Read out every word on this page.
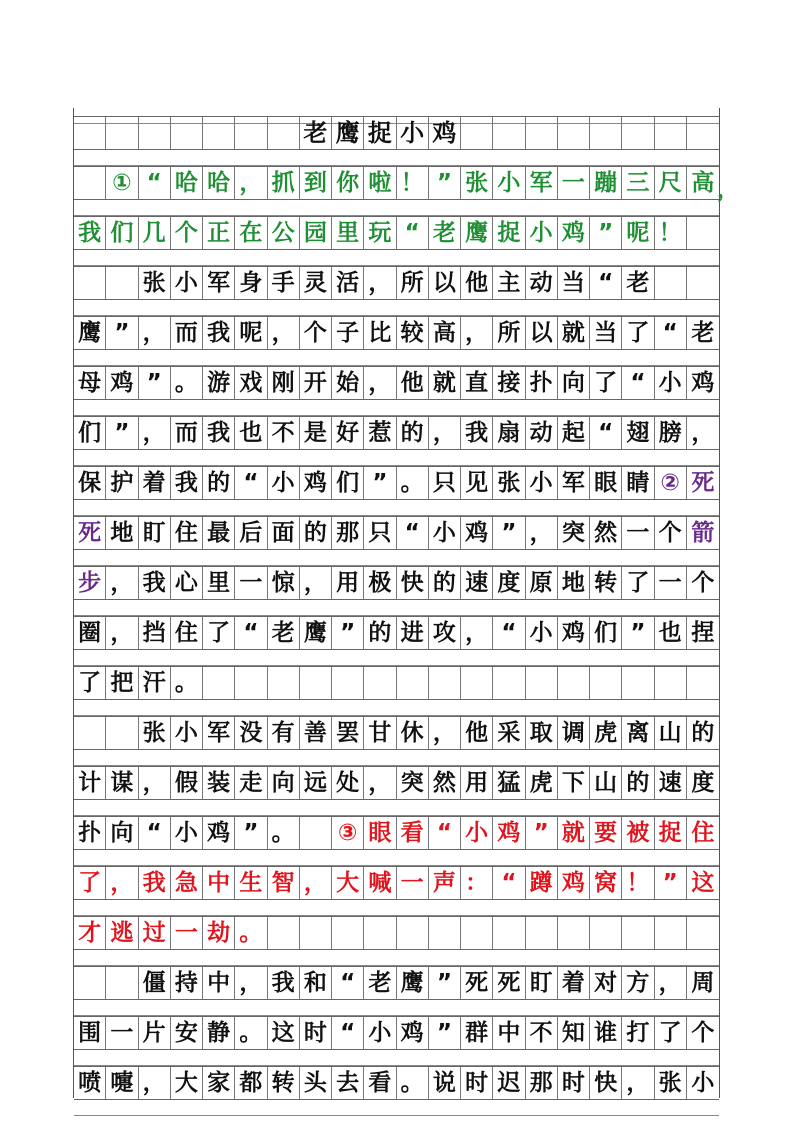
老 鹰 捉 小 鸡
① “ 哈 哈 ， 抓 到 你 啦 ！ ” 张 小 军 一 蹦 三 尺 高 ，
我 们 几 个 正 在 公 园 里 玩 “ 老 鹰 捉 小 鸡 ” 呢 ！
张 小 军 身 手 灵 活 ， 所 以 他 主 动 当 “ 老
鹰 ” ， 而 我 呢 ， 个 子 比 较 高 ， 所 以 就 当 了 “ 老
母 鸡 ” 。 游 戏 刚 开 始 ， 他 就 直 接 扑 向 了 “ 小 鸡
们 ” ， 而 我 也 不 是 好 惹 的 ， 我 扇 动 起 “ 翅 膀 ，
保 护 着 我 的 “ 小 鸡 们 ” 。 只 见 张 小 军 眼 睛 ② 死
死 地 盯 住 最 后 面 的 那 只 “ 小 鸡 ” ， 突 然 一 个 箭
步 ， 我 心 里 一 惊 ， 用 极 快 的 速 度 原 地 转 了 一 个
圈 ， 挡 住 了 “ 老 鹰 ” 的 进 攻 ， “ 小 鸡 们 ” 也 捏
了 把 汗 。
张 小 军 没 有 善 罢 甘 休 ， 他 采 取 调 虎 离 山 的
计 谋 ， 假 装 走 向 远 处 ， 突 然 用 猛 虎 下 山 的 速 度
扑 向 “ 小 鸡 ” 。 ③ 眼 看 “ 小 鸡 ” 就 要 被 捉 住
了 ， 我 急 中 生 智 ， 大 喊 一 声 ： “ 蹲 鸡 窝 ！ ” 这
才 逃 过 一 劫 。
僵 持 中 ， 我 和 “ 老 鹰 ” 死 死 盯 着 对 方 ， 周
围 一 片 安 静 。 这 时 “ 小 鸡 ” 群 中 不 知 谁 打 了 个
喷 嚏 ， 大 家 都 转 头 去 看 。 说 时 迟 那 时 快 ， 张 小
